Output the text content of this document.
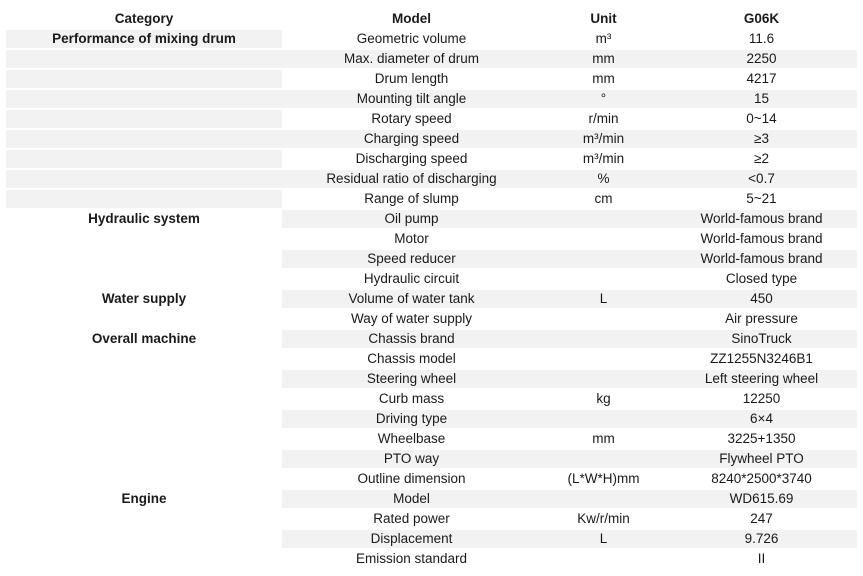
Category	Model	Unit	G06K
Performance of mixing drum	Geometric volume	m³	11.6
	Max. diameter of drum	mm	2250
	Drum length	mm	4217
	Mounting tilt angle	°	15
	Rotary speed	r/min	0~14
	Charging speed	m³/min	≥3
	Discharging speed	m³/min	≥2
	Residual ratio of discharging	%	<0.7
	Range of slump	cm	5~21
Hydraulic system	Oil pump		World-famous brand
	Motor		World-famous brand
	Speed reducer		World-famous brand
	Hydraulic circuit		Closed type
Water supply	Volume of water tank	L	450
	Way of water supply		Air pressure
Overall machine	Chassis brand		SinoTruck
	Chassis model		ZZ1255N3246B1
	Steering wheel		Left steering wheel
	Curb mass	kg	12250
	Driving type		6×4
	Wheelbase	mm	3225+1350
	PTO way		Flywheel PTO
	Outline dimension	(L*W*H)mm	8240*2500*3740
Engine	Model		WD615.69
	Rated power	Kw/r/min	247
	Displacement	L	9.726
	Emission standard		II
